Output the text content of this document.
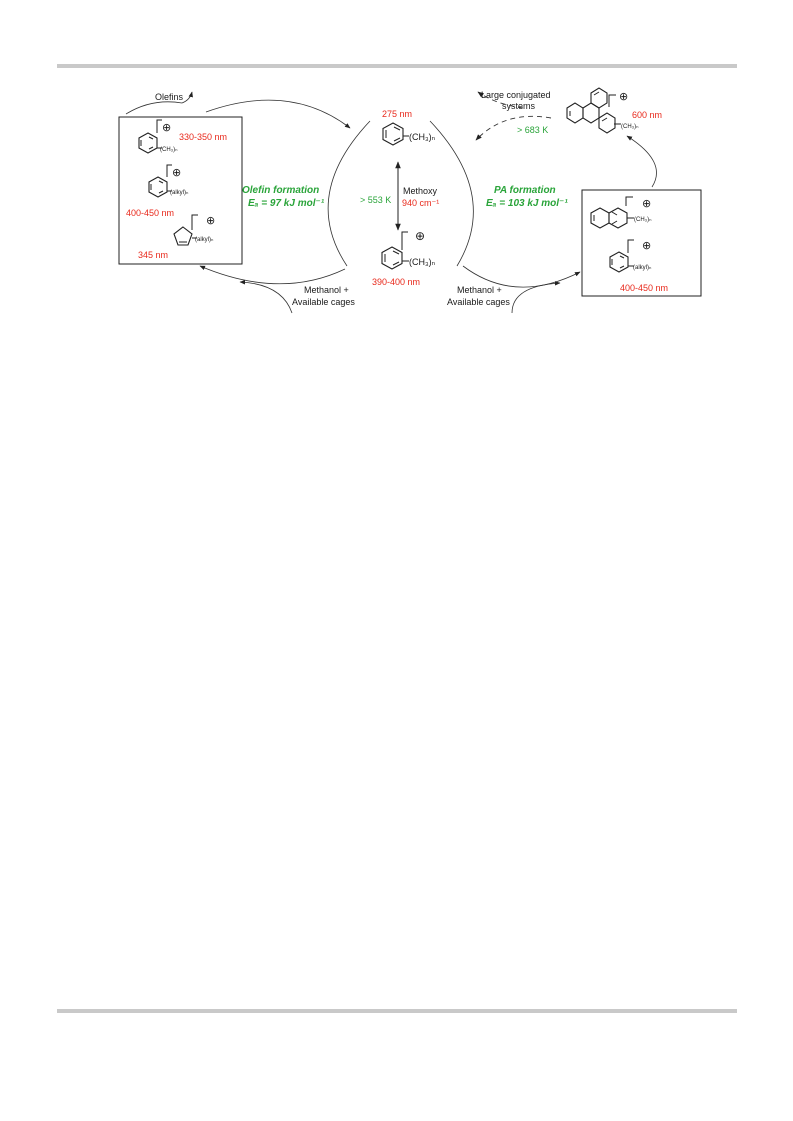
⊕
(CH₃)ₙ
330-350 nm
⊕
(alkyl)ₙ
400-450 nm
⊕
(alkyl)ₙ
345 nm
Olefins
Olefin formation
Eₐ = 97 kJ mol⁻¹
275 nm
(CH₃)ₙ
> 553 K
Methoxy
940 cm⁻¹
⊕
(CH₃)ₙ
390-400 nm
Methanol +
Available cages
Methanol +
Available cages
PA formation
Eₐ = 103 kJ mol⁻¹	⊕
(CH₃)ₙ
⊕
(alkyl)ₙ
400-450 nm
⊕
(CH₃)ₙ
600 nm
> 683 K
Large conjugated
systems
